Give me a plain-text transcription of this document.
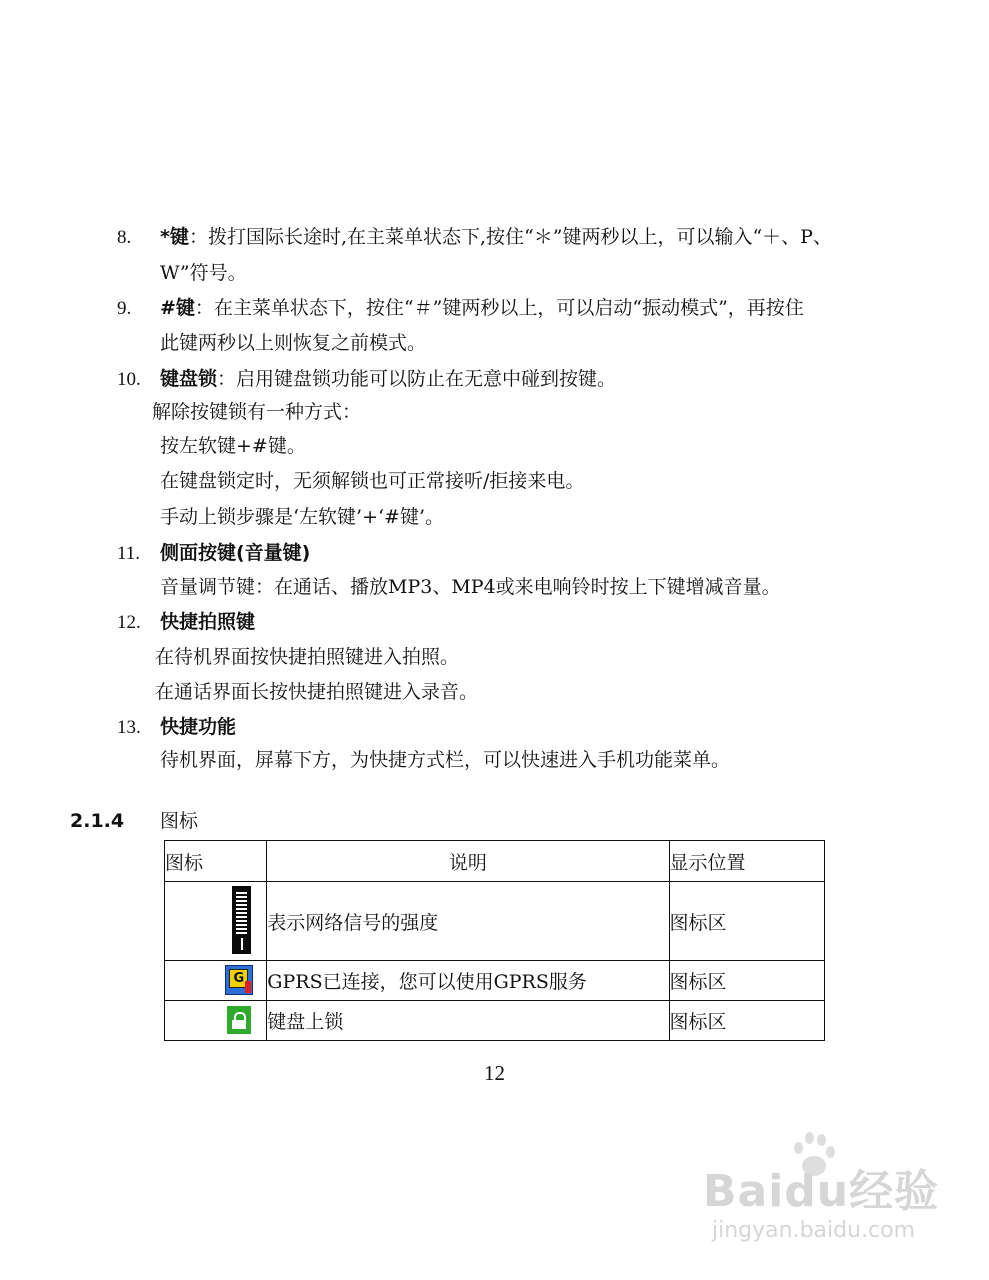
8. *键：拨打国际长途时,在主菜单状态下,按住“＊”键两秒以上，可以输入“＋、P、
W”符号。
9. #键：在主菜单状态下，按住“＃”键两秒以上，可以启动“振动模式”，再按住
此键两秒以上则恢复之前模式。
10. 键盘锁：启用键盘锁功能可以防止在无意中碰到按键。
解除按键锁有一种方式：
按左软键+#键。
在键盘锁定时，无须解锁也可正常接听/拒接来电。
手动上锁步骤是‘左软键’+‘#键’。
11. 侧面按键(音量键)
音量调节键：在通话、播放MP3、MP4或来电响铃时按上下键增减音量。
12. 快捷拍照键
在待机界面按快捷拍照键进入拍照。
在通话界面长按快捷拍照键进入录音。
13. 快捷功能
待机界面，屏幕下方，为快捷方式栏，可以快速进入手机功能菜单。
2.1.4 图标
图标	说明	显示位置

	表示网络信号的强度	图标区

G	GPRS已连接，您可以使用GPRS服务	图标区

	键盘上锁	图标区
12
Baidu经验
jingyan.baidu.com
